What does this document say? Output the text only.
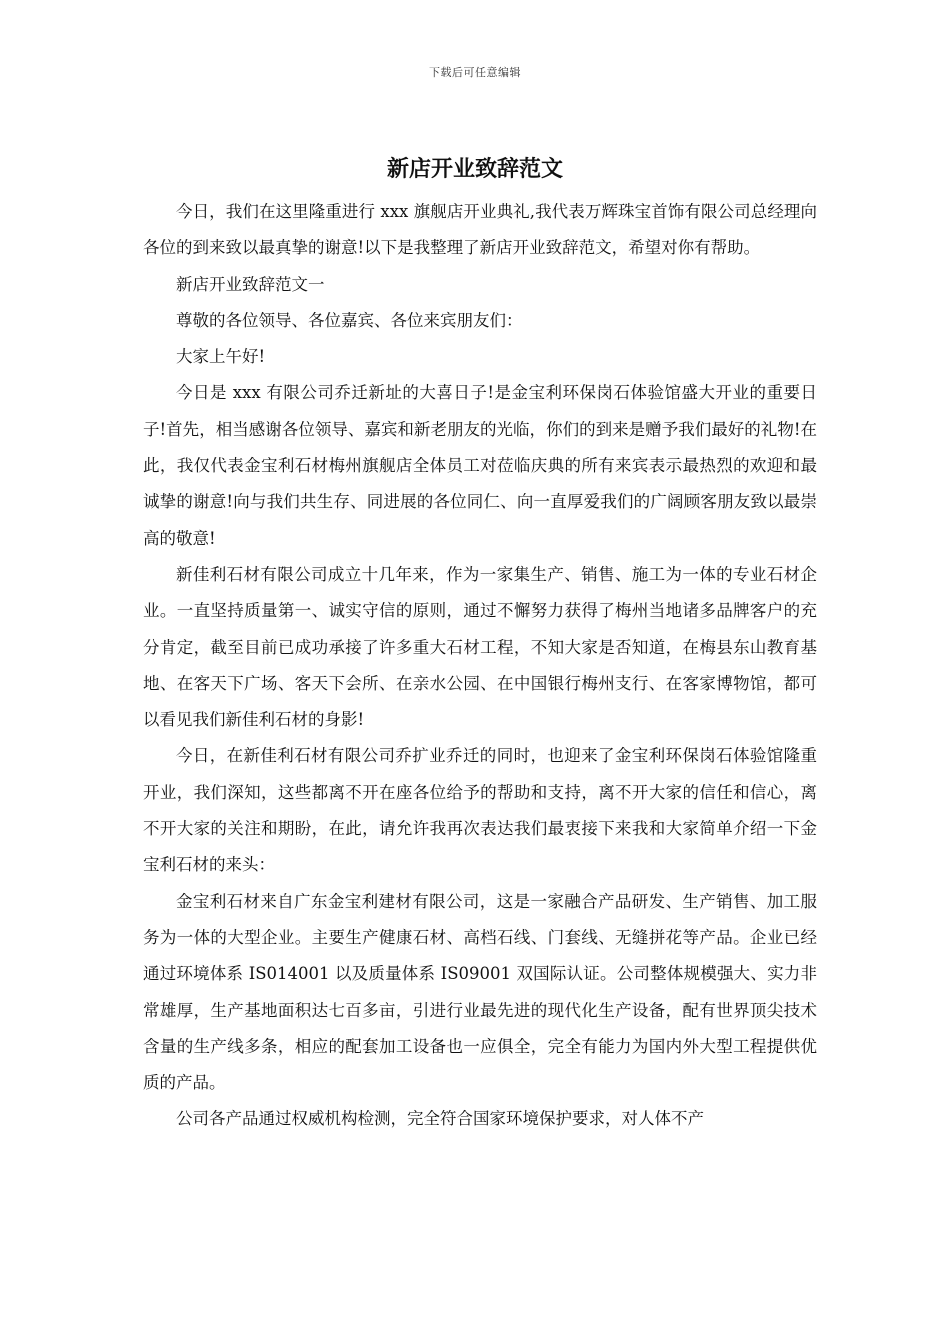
下载后可任意编辑
新店开业致辞范文

今日，我们在这里隆重进行 xxx 旗舰店开业典礼,我代表万辉珠宝首饰有限公司总经理向各位的到来致以最真挚的谢意!以下是我整理了新店开业致辞范文，希望对你有帮助。

新店开业致辞范文一

尊敬的各位领导、各位嘉宾、各位来宾朋友们：

大家上午好!

今日是 xxx 有限公司乔迁新址的大喜日子!是金宝利环保岗石体验馆盛大开业的重要日子!首先，相当感谢各位领导、嘉宾和新老朋友的光临，你们的到来是赠予我们最好的礼物!在此，我仅代表金宝利石材梅州旗舰店全体员工对莅临庆典的所有来宾表示最热烈的欢迎和最诚挚的谢意!向与我们共生存、同进展的各位同仁、向一直厚爱我们的广阔顾客朋友致以最崇高的敬意!

新佳利石材有限公司成立十几年来，作为一家集生产、销售、施工为一体的专业石材企业。一直坚持质量第一、诚实守信的原则，通过不懈努力获得了梅州当地诸多品牌客户的充分肯定，截至目前已成功承接了许多重大石材工程，不知大家是否知道，在梅县东山教育基地、在客天下广场、客天下会所、在亲水公园、在中国银行梅州支行、在客家博物馆，都可以看见我们新佳利石材的身影!

今日，在新佳利石材有限公司乔扩业乔迁的同时，也迎来了金宝利环保岗石体验馆隆重开业，我们深知，这些都离不开在座各位给予的帮助和支持，离不开大家的信任和信心，离不开大家的关注和期盼，在此，请允许我再次表达我们最衷接下来我和大家简单介绍一下金宝利石材的来头：

金宝利石材来自广东金宝利建材有限公司，这是一家融合产品研发、生产销售、加工服务为一体的大型企业。主要生产健康石材、高档石线、门套线、无缝拼花等产品。企业已经通过环境体系 IS014001 以及质量体系 IS09001 双国际认证。公司整体规模强大、实力非常雄厚，生产基地面积达七百多亩，引进行业最先进的现代化生产设备，配有世界顶尖技术含量的生产线多条，相应的配套加工设备也一应俱全，完全有能力为国内外大型工程提供优质的产品。

公司各产品通过权威机构检测，完全符合国家环境保护要求，对人体不产
